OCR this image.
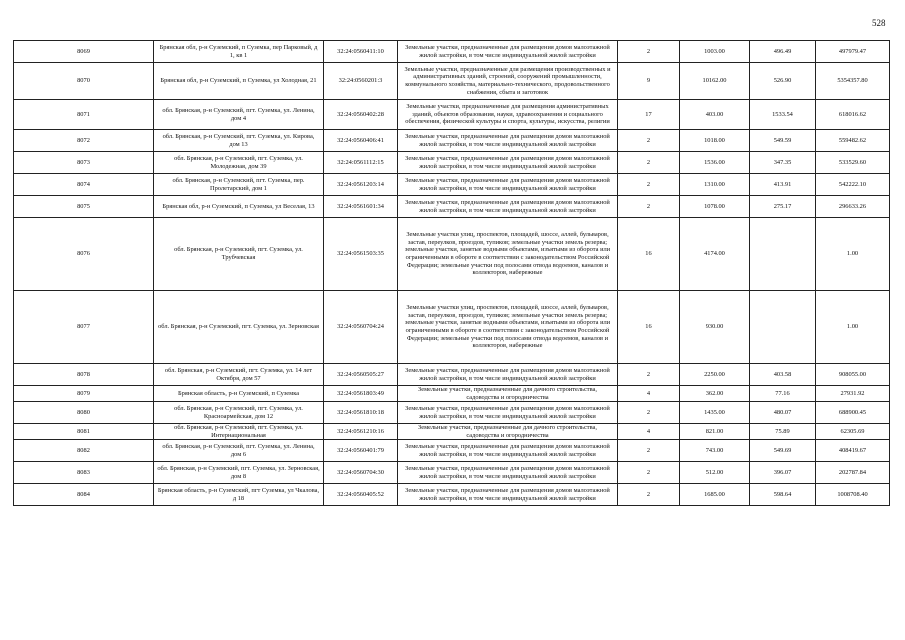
528
8069	Брянская обл, р-н Суземский, п Суземка, пер Парковый, д 1, кв 1	32:24:0560411:10	Земельные участки, предназначенные для размещения домов малоэтажной жилой застройки, в том числе индивидуальной жилой застройки	2	1003.00	496.49	497979.47
8070	Брянская обл, р-н Суземский, п Суземка, ул Холодная, 21	32:24:0560201:3	Земельные участки, предназначенные для размещения производственных и административных зданий, строений, сооружений промышленности, коммунального хозяйства, материально-технического, продовольственного снабжения, сбыта и заготовок	9	10162.00	526.90	5354357.80
8071	обл. Брянская, р-н Суземский, пгт. Суземка, ул. Ленина, дом 4	32:24:0560402:28	Земельные участки, предназначенные для размещения административных зданий, объектов образования, науки, здравоохранения и социального обеспечения, физической культуры и спорта, культуры, искусства, религии	17	403.00	1533.54	618016.62
8072	обл. Брянская, р-н Суземский, пгт. Суземка, ул. Кирова, дом 13	32:24:0560406:41	Земельные участки, предназначенные для размещения домов малоэтажной жилой застройки, в том числе индивидуальной жилой застройки	2	1018.00	549.59	559482.62
8073	обл. Брянская, р-н Суземский, пгт. Суземка, ул. Молодежная, дом 39	32:24:0561112:15	Земельные участки, предназначенные для размещения домов малоэтажной жилой застройки, в том числе индивидуальной жилой застройки	2	1536.00	347.35	533529.60
8074	обл. Брянская, р-н Суземский, пгт. Суземка, пер. Пролетарский, дом 1	32:24:0561203:14	Земельные участки, предназначенные для размещения домов малоэтажной жилой застройки, в том числе индивидуальной жилой застройки	2	1310.00	413.91	542222.10
8075	Брянская обл, р-н Суземский, п Суземка, ул Веселая, 13	32:24:0561601:34	Земельные участки, предназначенные для размещения домов малоэтажной жилой застройки, в том числе индивидуальной жилой застройки	2	1078.00	275.17	296633.26
8076	обл. Брянская, р-н Суземский, пгт. Суземка, ул. Трубчевская	32:24:0561503:35	Земельные участки улиц, проспектов, площадей, шоссе, аллей, бульваров, застав, переулков, проездов, тупиков; земельные участки земель резерва; земельные участки, занятые водными объектами, изъятыми из оборота или ограниченными в обороте в соответствии с законодательством Российской Федерации; земельные участки под полосами отвода водоемов, каналов и коллекторов, набережные	16	4174.00		1.00
8077	обл. Брянская, р-н Суземский, пгт. Суземка, ул. Зерновская	32:24:0560704:24	Земельные участки улиц, проспектов, площадей, шоссе, аллей, бульваров, застав, переулков, проездов, тупиков; земельные участки земель резерва; земельные участки, занятые водными объектами, изъятыми из оборота или ограниченными в обороте в соответствии с законодательством Российской Федерации; земельные участки под полосами отвода водоемов, каналов и коллекторов, набережные	16	930.00		1.00
8078	обл. Брянская, р-н Суземский, пгт. Суземка, ул. 14 лет Октября, дом 57	32:24:0560505:27	Земельные участки, предназначенные для размещения домов малоэтажной жилой застройки, в том числе индивидуальной жилой застройки	2	2250.00	403.58	908055.00
8079	Брянская область, р-н Суземский, п Суземка	32:24:0561803:49	Земельные участки, предназначенные для дачного строительства, садоводства и огородничества	4	362.00	77.16	27931.92
8080	обл. Брянская, р-н Суземский, пгт. Суземка, ул. Красноармейская, дом 12	32:24:0561810:18	Земельные участки, предназначенные для размещения домов малоэтажной жилой застройки, в том числе индивидуальной жилой застройки	2	1435.00	480.07	688900.45
8081	обл. Брянская, р-н Суземский, пгт. Суземка, ул. Интернациональная	32:24:0561210:16	Земельные участки, предназначенные для дачного строительства, садоводства и огородничества	4	821.00	75.89	62305.69
8082	обл. Брянская, р-н Суземский, пгт. Суземка, ул. Ленина, дом 6	32:24:0560401:79	Земельные участки, предназначенные для размещения домов малоэтажной жилой застройки, в том числе индивидуальной жилой застройки	2	743.00	549.69	408419.67
8083	обл. Брянская, р-н Суземский, пгт. Суземка, ул. Зерновская, дом 8	32:24:0560704:30	Земельные участки, предназначенные для размещения домов малоэтажной жилой застройки, в том числе индивидуальной жилой застройки	2	512.00	396.07	202787.84
8084	Брянская область, р-н Суземский, пгт Суземка, ул Чкалова, д 18	32:24:0560405:52	Земельные участки, предназначенные для размещения домов малоэтажной жилой застройки, в том числе индивидуальной жилой застройки	2	1685.00	598.64	1008708.40
